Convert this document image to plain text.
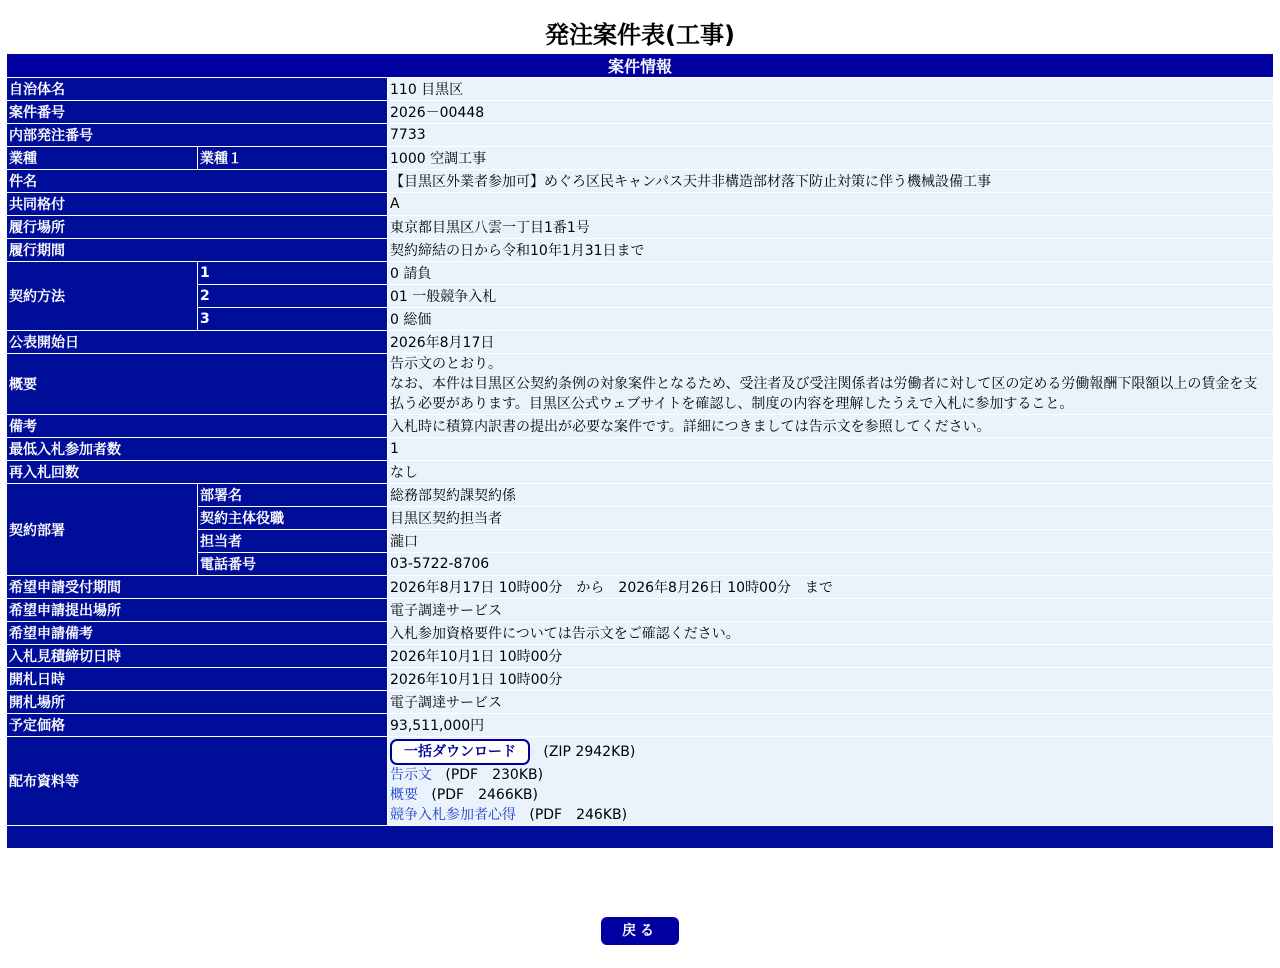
発注案件表(工事)
案件情報		
自治体名		110 目黒区
案件番号		2026－00448
内部発注番号		7733
業種	業種１	1000 空調工事
件名		【目黒区外業者参加可】めぐろ区民キャンパス天井非構造部材落下防止対策に伴う機械設備工事
共同格付		A
履行場所		東京都目黒区八雲一丁目1番1号
履行期間		契約締結の日から令和10年1月31日まで
契約方法	1	0 請負
	2	01 一般競争入札
	3	0 総価
公表開始日		2026年8月17日
概要		告示文のとおり。
なお、本件は目黒区公契約条例の対象案件となるため、受注者及び受注関係者は労働者に対して区の定める労働報酬下限額以上の賃金を支払う必要があります。目黒区公式ウェブサイトを確認し、制度の内容を理解したうえで入札に参加すること。

備考		入札時に積算内訳書の提出が必要な案件です。詳細につきましては告示文を参照してください。
最低入札参加者数		1
再入札回数		なし
契約部署	部署名	総務部契約課契約係
	契約主体役職	目黒区契約担当者
	担当者	瀧口
	電話番号	03-5722-8706
希望申請受付期間		2026年8月17日 10時00分　から　2026年8月26日 10時00分　まで
希望申請提出場所		電子調達サービス
希望申請備考		入札参加資格要件については告示文をご確認ください。
入札見積締切日時		2026年10月1日 10時00分
開札日時		2026年10月1日 10時00分
開札場所		電子調達サービス
予定価格		93,511,000円
配布資料等		一括ダウンロード (ZIP 2942KB)
告示文 (PDF　230KB)
概要 (PDF　2466KB)
競争入札参加者心得 (PDF　246KB)

戻る
